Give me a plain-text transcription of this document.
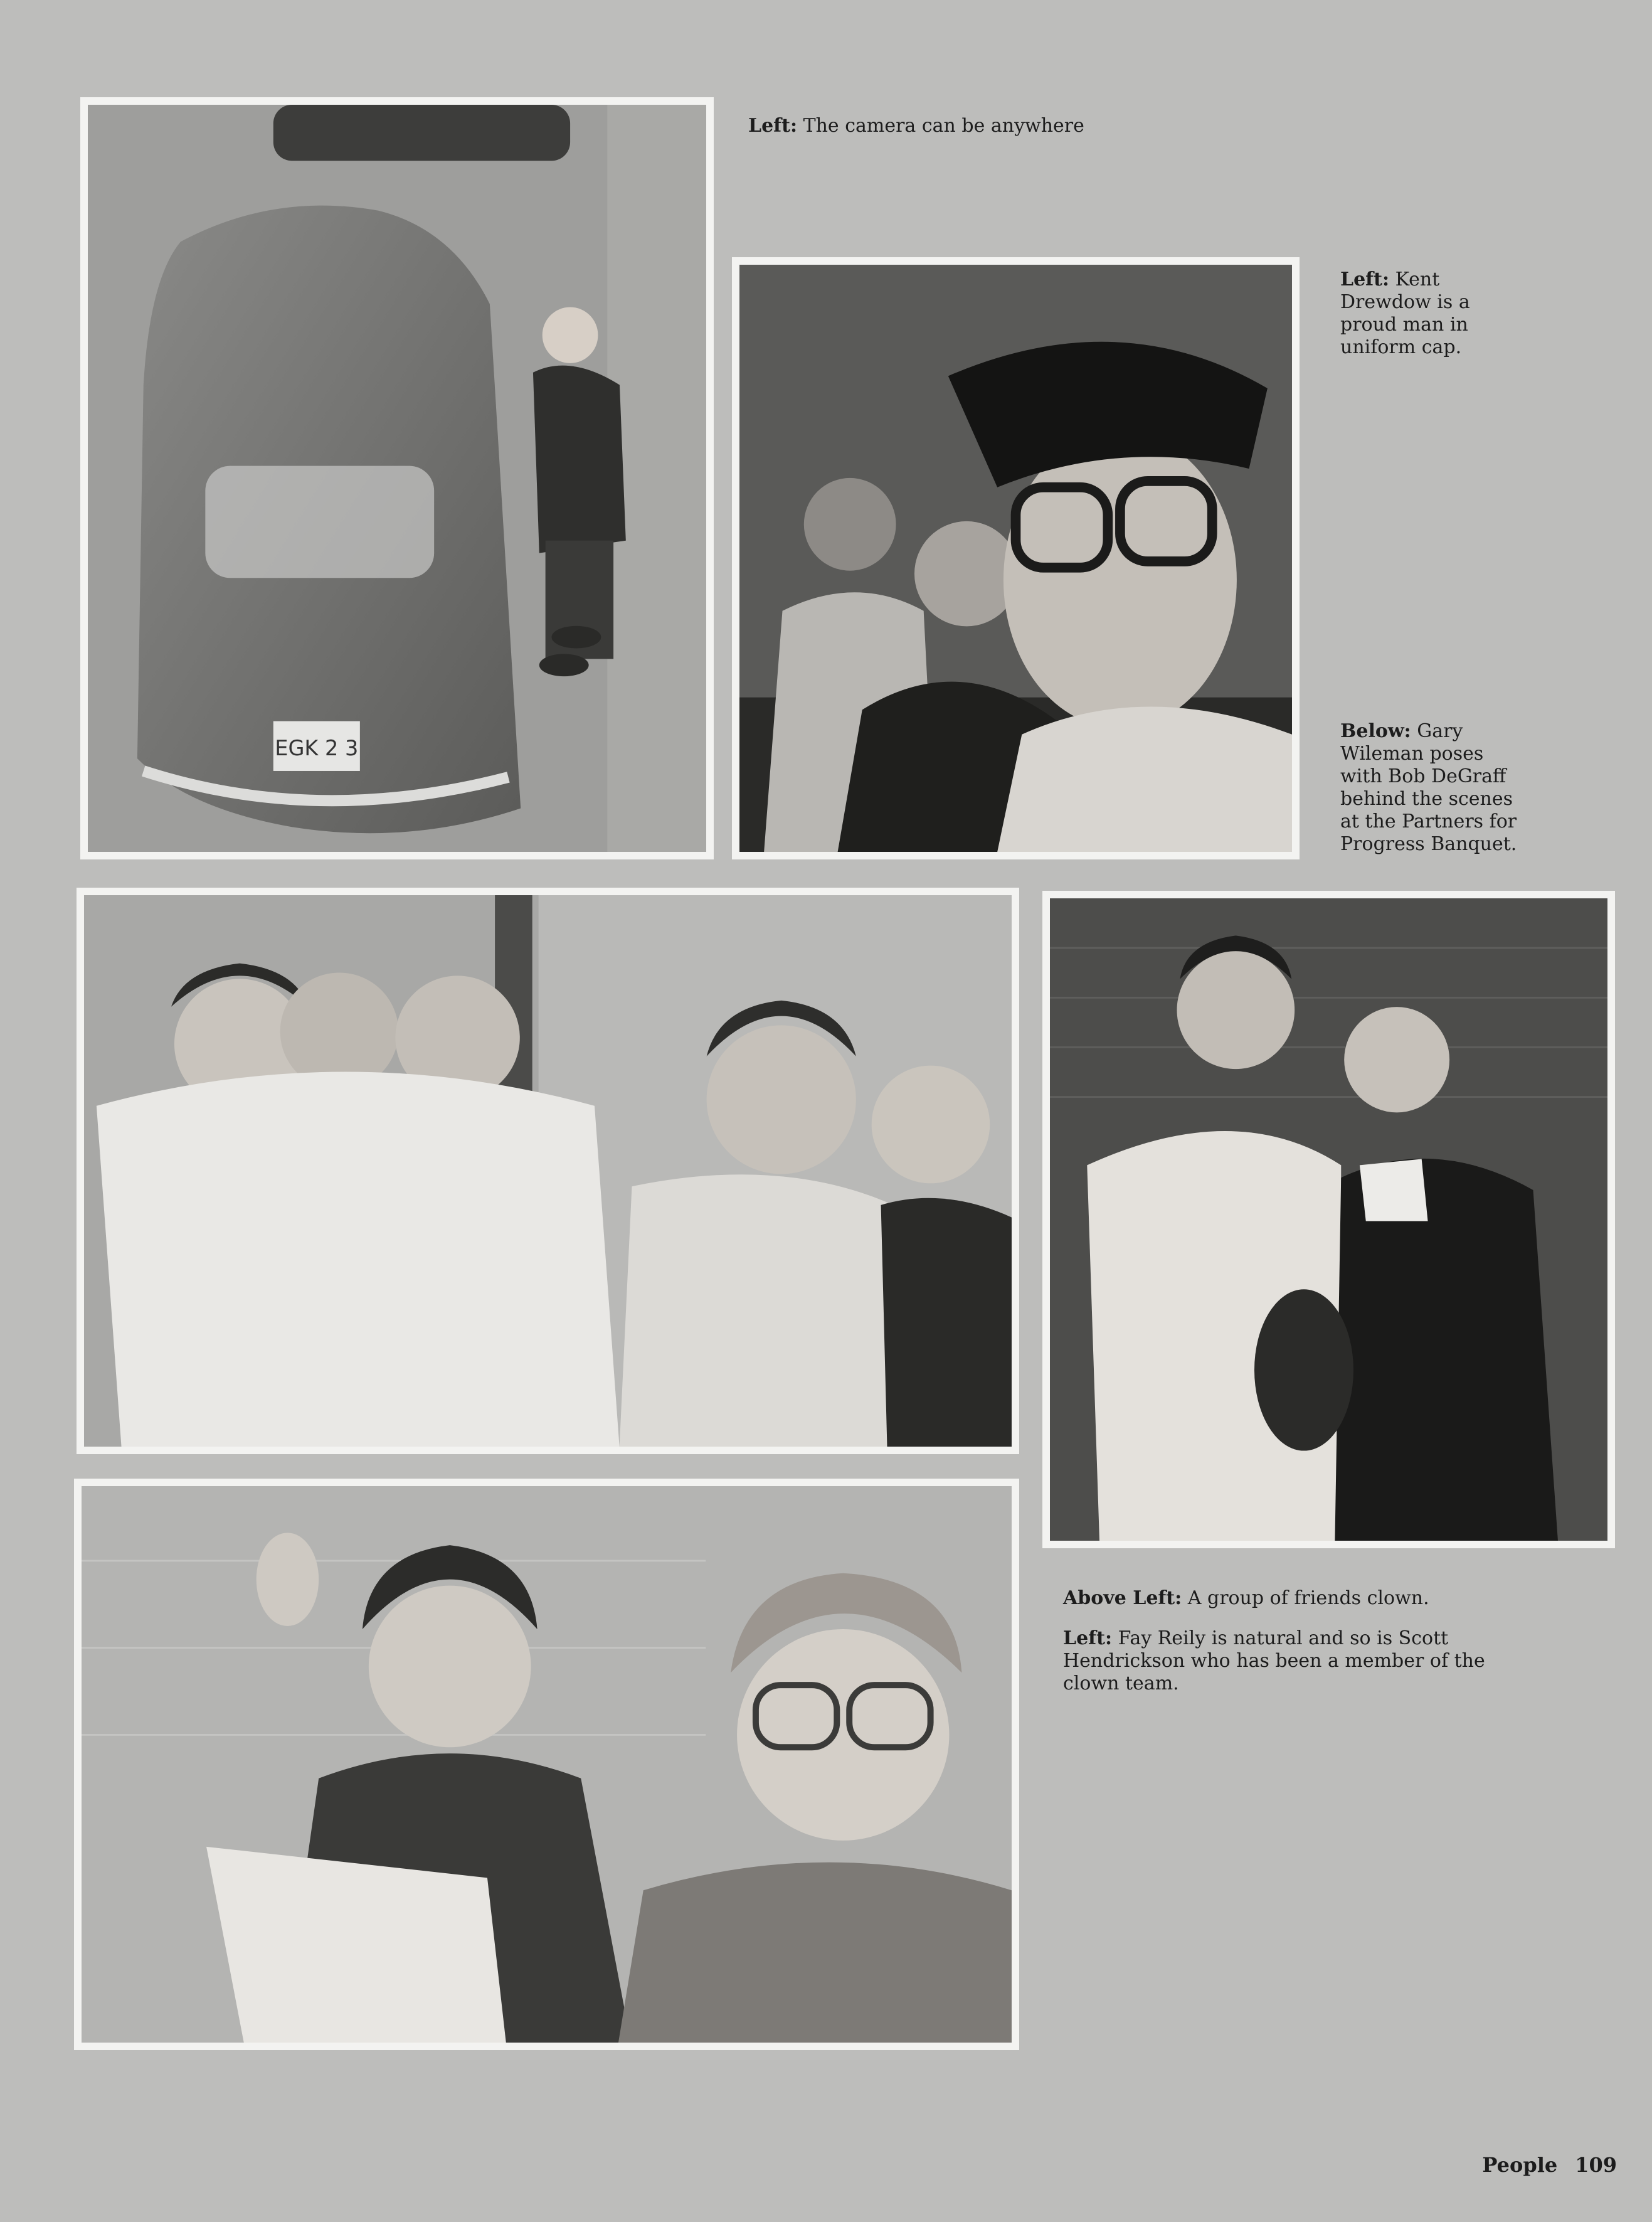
EGK 2 3
Left: The camera can be anywhere
Left: Kent Drewdow is a proud man in uniform cap.
Below: Gary Wileman poses with Bob DeGraff behind the scenes at the Partners for Progress Banquet.

Above Left: A group of friends clown.

Left: Fay Reily is natural and so is Scott Hendrickson who has been a member of the clown team.

People 109
